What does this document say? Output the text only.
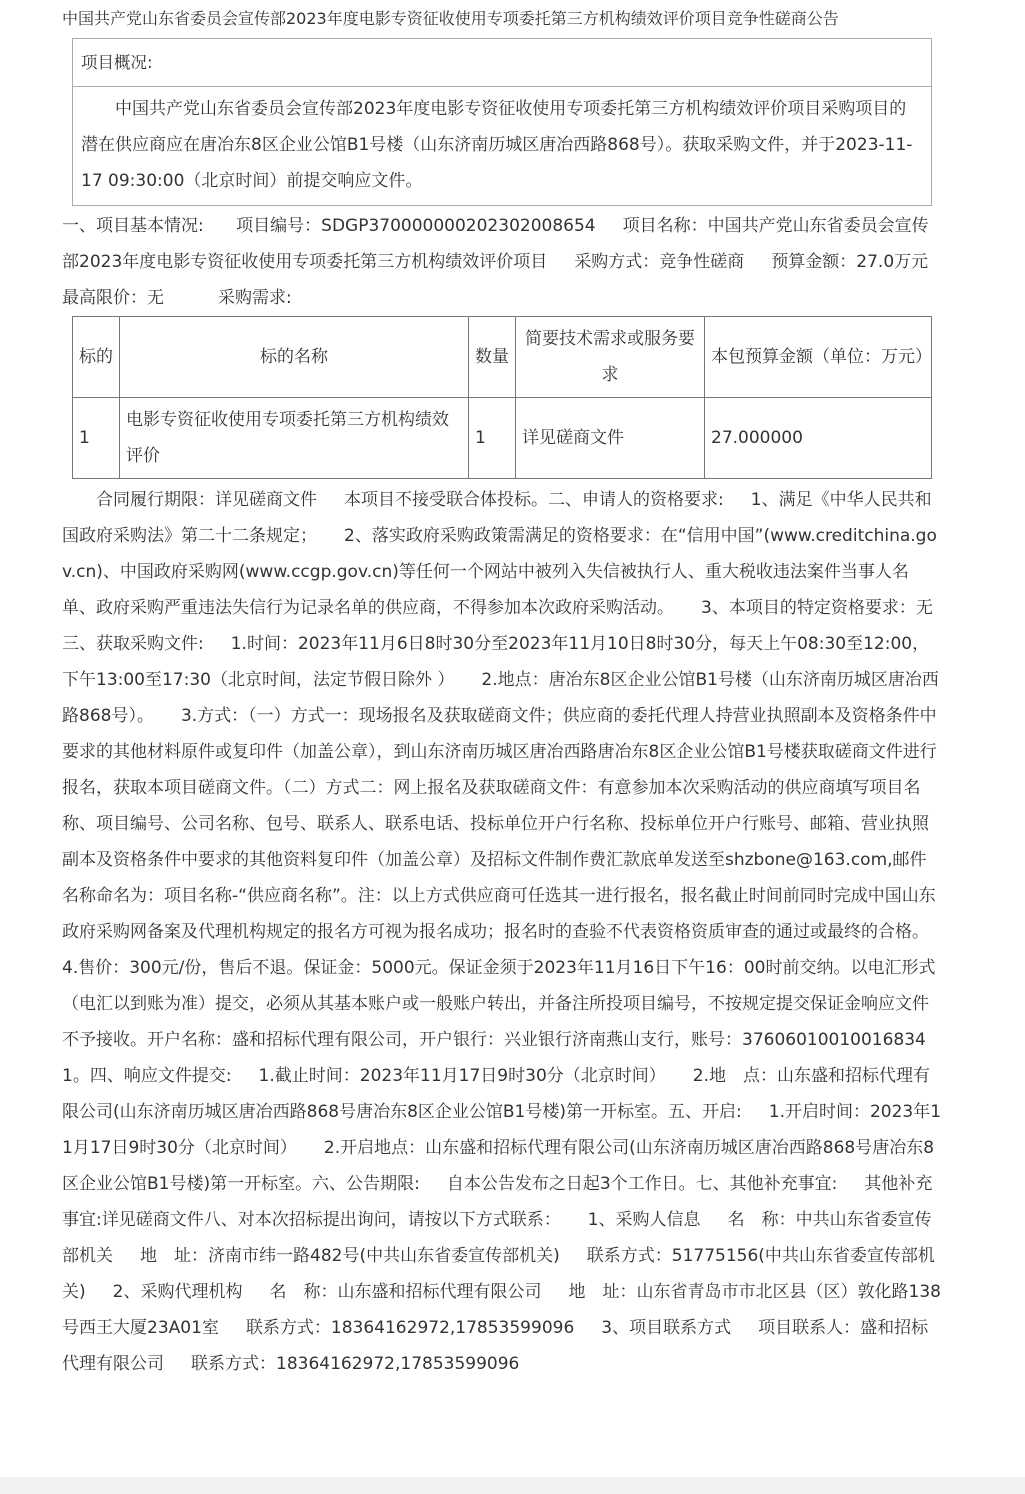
中国共产党山东省委员会宣传部2023年度电影专资征收使用专项委托第三方机构绩效评价项目竞争性磋商公告
项目概况:
中国共产党山东省委员会宣传部2023年度电影专资征收使用专项委托第三方机构绩效评价项目采购项目的潜在供应商应在唐冶东8区企业公馆B1号楼（山东济南历城区唐冶西路868号）。获取采购文件，并于2023-11-17 09:30:00（北京时间）前提交响应文件。
一、项目基本情况:      项目编号：SDGP370000000202302008654     项目名称：中国共产党山东省委员会宣传部2023年度电影专资征收使用专项委托第三方机构绩效评价项目     采购方式：竞争性磋商     预算金额：27.0万元     最高限价：无          采购需求:
标的	标的名称	数量	简要技术需求或服务要求	本包预算金额（单位：万元）
1	电影专资征收使用专项委托第三方机构绩效评价	1	详见磋商文件	27.000000
合同履行期限：详见磋商文件     本项目不接受联合体投标。二、申请人的资格要求:     1、满足《中华人民共和国政府采购法》第二十二条规定；     2、落实政府采购政策需满足的资格要求：在“信用中国”(www.creditchina.gov.cn)、中国政府采购网(www.ccgp.gov.cn)等任何一个网站中被列入失信被执行人、重大税收违法案件当事人名单、政府采购严重违法失信行为记录名单的供应商，不得参加本次政府采购活动。     3、本项目的特定资格要求：无三、获取采购文件:     1.时间：2023年11月6日8时30分至2023年11月10日8时30分，每天上午08:30至12:00，下午13:00至17:30（北京时间，法定节假日除外 ）     2.地点：唐冶东8区企业公馆B1号楼（山东济南历城区唐冶西路868号）。     3.方式：（一）方式一：现场报名及获取磋商文件；供应商的委托代理人持营业执照副本及资格条件中要求的其他材料原件或复印件（加盖公章），到山东济南历城区唐冶西路唐冶东8区企业公馆B1号楼获取磋商文件进行报名，获取本项目磋商文件。（二）方式二：网上报名及获取磋商文件：有意参加本次采购活动的供应商填写项目名称、项目编号、公司名称、包号、联系人、联系电话、投标单位开户行名称、投标单位开户行账号、邮箱、营业执照副本及资格条件中要求的其他资料复印件（加盖公章）及招标文件制作费汇款底单发送至shzbone@163.com,邮件名称命名为：项目名称-“供应商名称”。注：以上方式供应商可任选其一进行报名，报名截止时间前同时完成中国山东政府采购网备案及代理机构规定的报名方可视为报名成功；报名时的查验不代表资格资质审查的通过或最终的合格。     4.售价：300元/份，售后不退。保证金：5000元。保证金须于2023年11月16日下午16：00时前交纳。以电汇形式（电汇以到账为准）提交，必须从其基本账户或一般账户转出，并备注所投项目编号，不按规定提交保证金响应文件不予接收。开户名称：盛和招标代理有限公司，开户银行：兴业银行济南燕山支行，账号：376060100100168341。四、响应文件提交:     1.截止时间：2023年11月17日9时30分（北京时间）     2.地　点：山东盛和招标代理有限公司(山东济南历城区唐冶西路868号唐冶东8区企业公馆B1号楼)第一开标室。五、开启:     1.开启时间：2023年11月17日9时30分（北京时间）     2.开启地点：山东盛和招标代理有限公司(山东济南历城区唐冶西路868号唐冶东8区企业公馆B1号楼)第一开标室。六、公告期限:     自本公告发布之日起3个工作日。七、其他补充事宜:     其他补充事宜:详见磋商文件八、对本次招标提出询问，请按以下方式联系：     1、采购人信息     名　称：中共山东省委宣传部机关     地　址：济南市纬一路482号(中共山东省委宣传部机关)     联系方式：51775156(中共山东省委宣传部机关)     2、采购代理机构     名　称：山东盛和招标代理有限公司     地　址：山东省青岛市市北区县（区）敦化路138号西王大厦23A01室     联系方式：18364162972,17853599096     3、项目联系方式     项目联系人：盛和招标代理有限公司     联系方式：18364162972,17853599096
